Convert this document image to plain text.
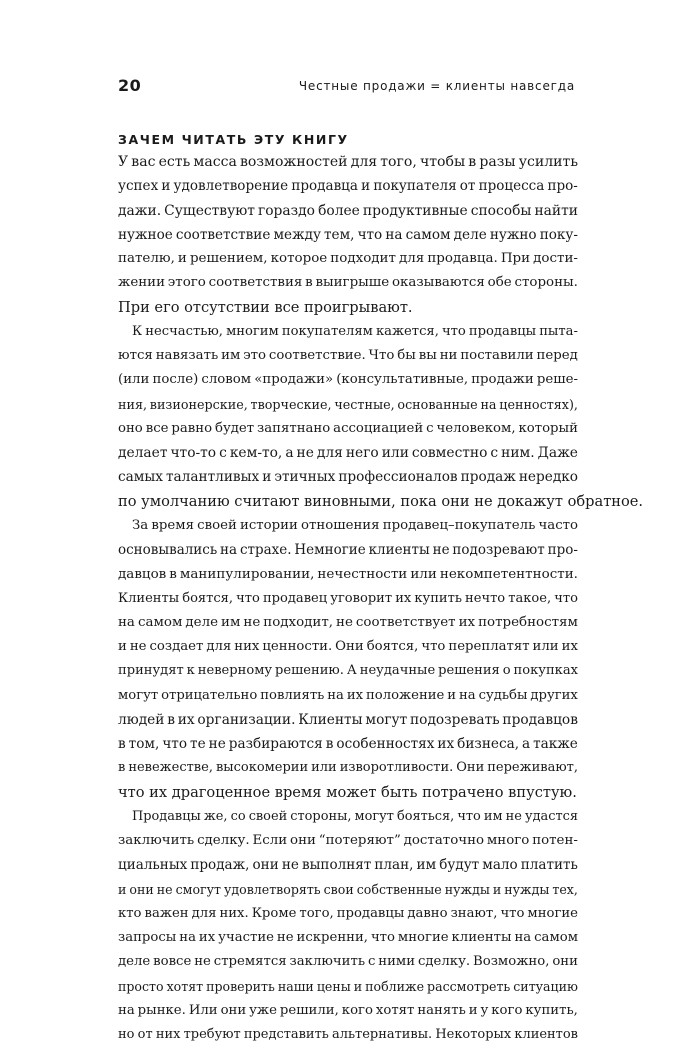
20	Честные продажи = клиенты навсегда
ЗАЧЕМ ЧИТАТЬ ЭТУ КНИГУ
У вас есть масса возможностей для того, чтобы в разы усилить
успех и удовлетворение продавца и покупателя от процесса про-
дажи. Существуют гораздо более продуктивные способы найти
нужное соответствие между тем, что на самом деле нужно поку-
пателю, и решением, которое подходит для продавца. При дости-
жении этого соответствия в выигрыше оказываются обе стороны.
При его отсутствии все проигрывают.
К несчастью, многим покупателям кажется, что продавцы пыта-
ются навязать им это соответствие. Что бы вы ни поставили перед
(или после) словом «продажи» (консультативные, продажи реше-
ния, визионерские, творческие, честные, основанные на ценностях),
оно все равно будет запятнано ассоциацией с человеком, который
делает что-то с кем-то, а не для него или совместно с ним. Даже
самых талантливых и этичных профессионалов продаж нередко
по умолчанию считают виновными, пока они не докажут обратное.
За время своей истории отношения продавец–покупатель часто
основывались на страхе. Немногие клиенты не подозревают про-
давцов в манипулировании, нечестности или некомпетентности.
Клиенты боятся, что продавец уговорит их купить нечто такое, что
на самом деле им не подходит, не соответствует их потребностям
и не создает для них ценности. Они боятся, что переплатят или их
принудят к неверному решению. А неудачные решения о покупках
могут отрицательно повлиять на их положение и на судьбы других
людей в их организации. Клиенты могут подозревать продавцов
в том, что те не разбираются в особенностях их бизнеса, а также
в невежестве, высокомерии или изворотливости. Они переживают,
что их драгоценное время может быть потрачено впустую.
Продавцы же, со своей стороны, могут бояться, что им не удастся
заключить сделку. Если они “потеряют” достаточно много потен-
циальных продаж, они не выполнят план, им будут мало платить
и они не смогут удовлетворять свои собственные нужды и нужды тех,
кто важен для них. Кроме того, продавцы давно знают, что многие
запросы на их участие не искренни, что многие клиенты на самом
деле вовсе не стремятся заключить с ними сделку. Возможно, они
просто хотят проверить наши цены и поближе рассмотреть ситуацию
на рынке. Или они уже решили, кого хотят нанять и у кого купить,
но от них требуют представить альтернативы. Некоторых клиентов
